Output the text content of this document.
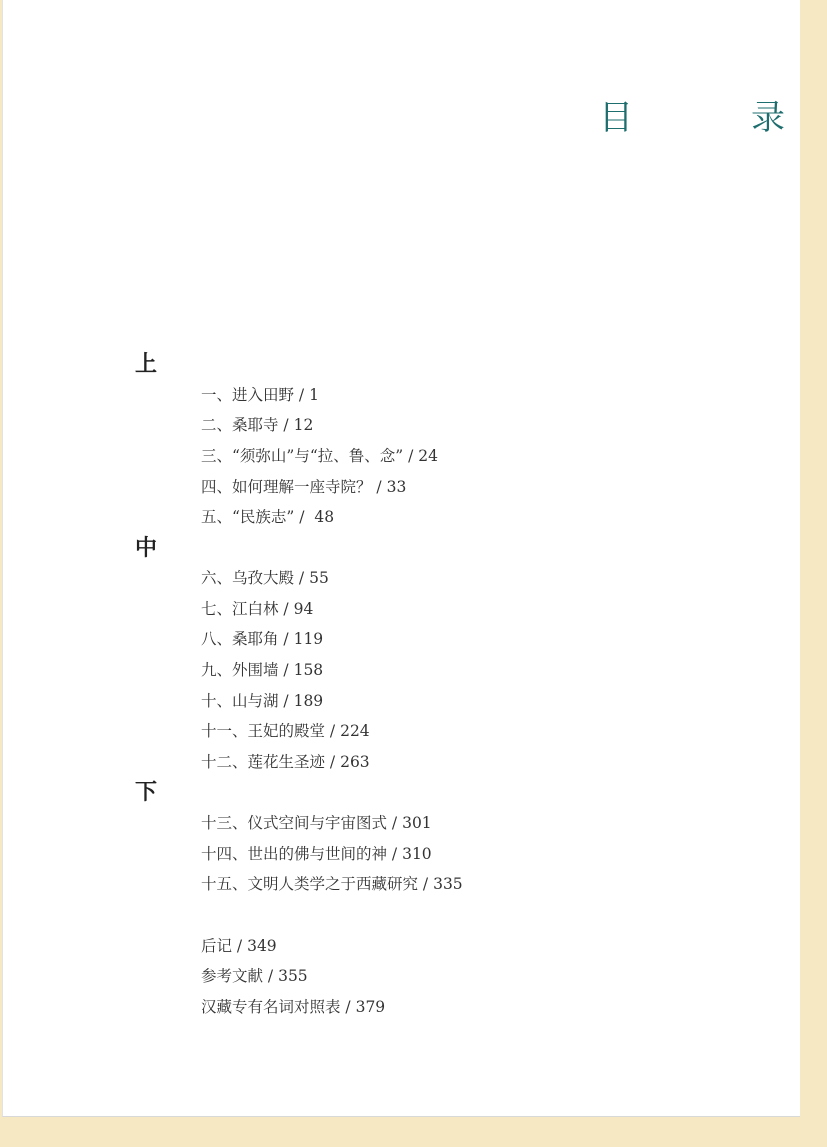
目　录
上
一、进入田野 / 1
二、桑耶寺 / 12
三、“须弥山”与“拉、鲁、念” / 24
四、如何理解一座寺院？ / 33
五、“民族志” /  48
中
六、乌孜大殿 / 55
七、江白林 / 94
八、桑耶角 / 119
九、外围墙 / 158
十、山与湖 / 189
十一、王妃的殿堂 / 224
十二、莲花生圣迹 / 263
下
十三、仪式空间与宇宙图式 / 301
十四、世出的佛与世间的神 / 310
十五、文明人类学之于西藏研究 / 335
后记 / 349
参考文献 / 355
汉藏专有名词对照表 / 379
